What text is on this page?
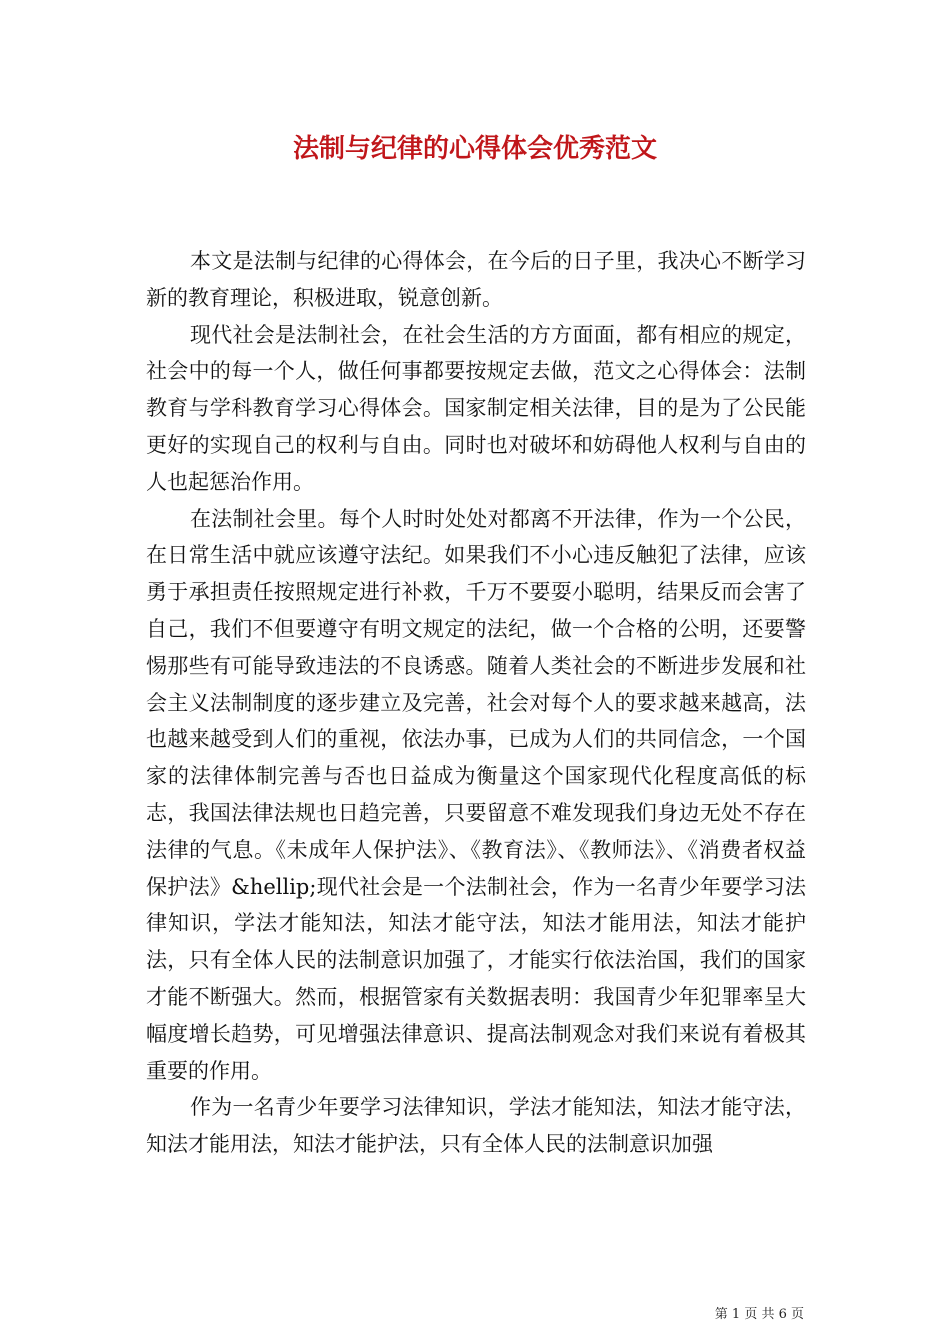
法制与纪律的心得体会优秀范文

本文是法制与纪律的心得体会，在今后的日子里，我决心不断学习新的教育理论，积极进取，锐意创新。

现代社会是法制社会，在社会生活的方方面面，都有相应的规定，社会中的每一个人，做任何事都要按规定去做，范文之心得体会：法制教育与学科教育学习心得体会。国家制定相关法律，目的是为了公民能更好的实现自己的权利与自由。同时也对破坏和妨碍他人权利与自由的人也起惩治作用。

在法制社会里。每个人时时处处对都离不开法律，作为一个公民，在日常生活中就应该遵守法纪。如果我们不小心违反触犯了法律，应该勇于承担责任按照规定进行补救，千万不要耍小聪明，结果反而会害了自己，我们不但要遵守有明文规定的法纪，做一个合格的公明，还要警惕那些有可能导致违法的不良诱惑。随着人类社会的不断进步发展和社会主义法制制度的逐步建立及完善，社会对每个人的要求越来越高，法也越来越受到人们的重视，依法办事，已成为人们的共同信念，一个国家的法律体制完善与否也日益成为衡量这个国家现代化程度高低的标志，我国法律法规也日趋完善，只要留意不难发现我们身边无处不存在法律的气息。《未成年人保护法》、《教育法》、《教师法》、《消费者权益保护法》&hellip;现代社会是一个法制社会，作为一名青少年要学习法律知识，学法才能知法，知法才能守法，知法才能用法，知法才能护法，只有全体人民的法制意识加强了，才能实行依法治国，我们的国家才能不断强大。然而，根据管家有关数据表明：我国青少年犯罪率呈大幅度增长趋势，可见增强法律意识、提高法制观念对我们来说有着极其重要的作用。

作为一名青少年要学习法律知识，学法才能知法，知法才能守法，知法才能用法，知法才能护法，只有全体人民的法制意识加强

第 1 页 共 6 页
